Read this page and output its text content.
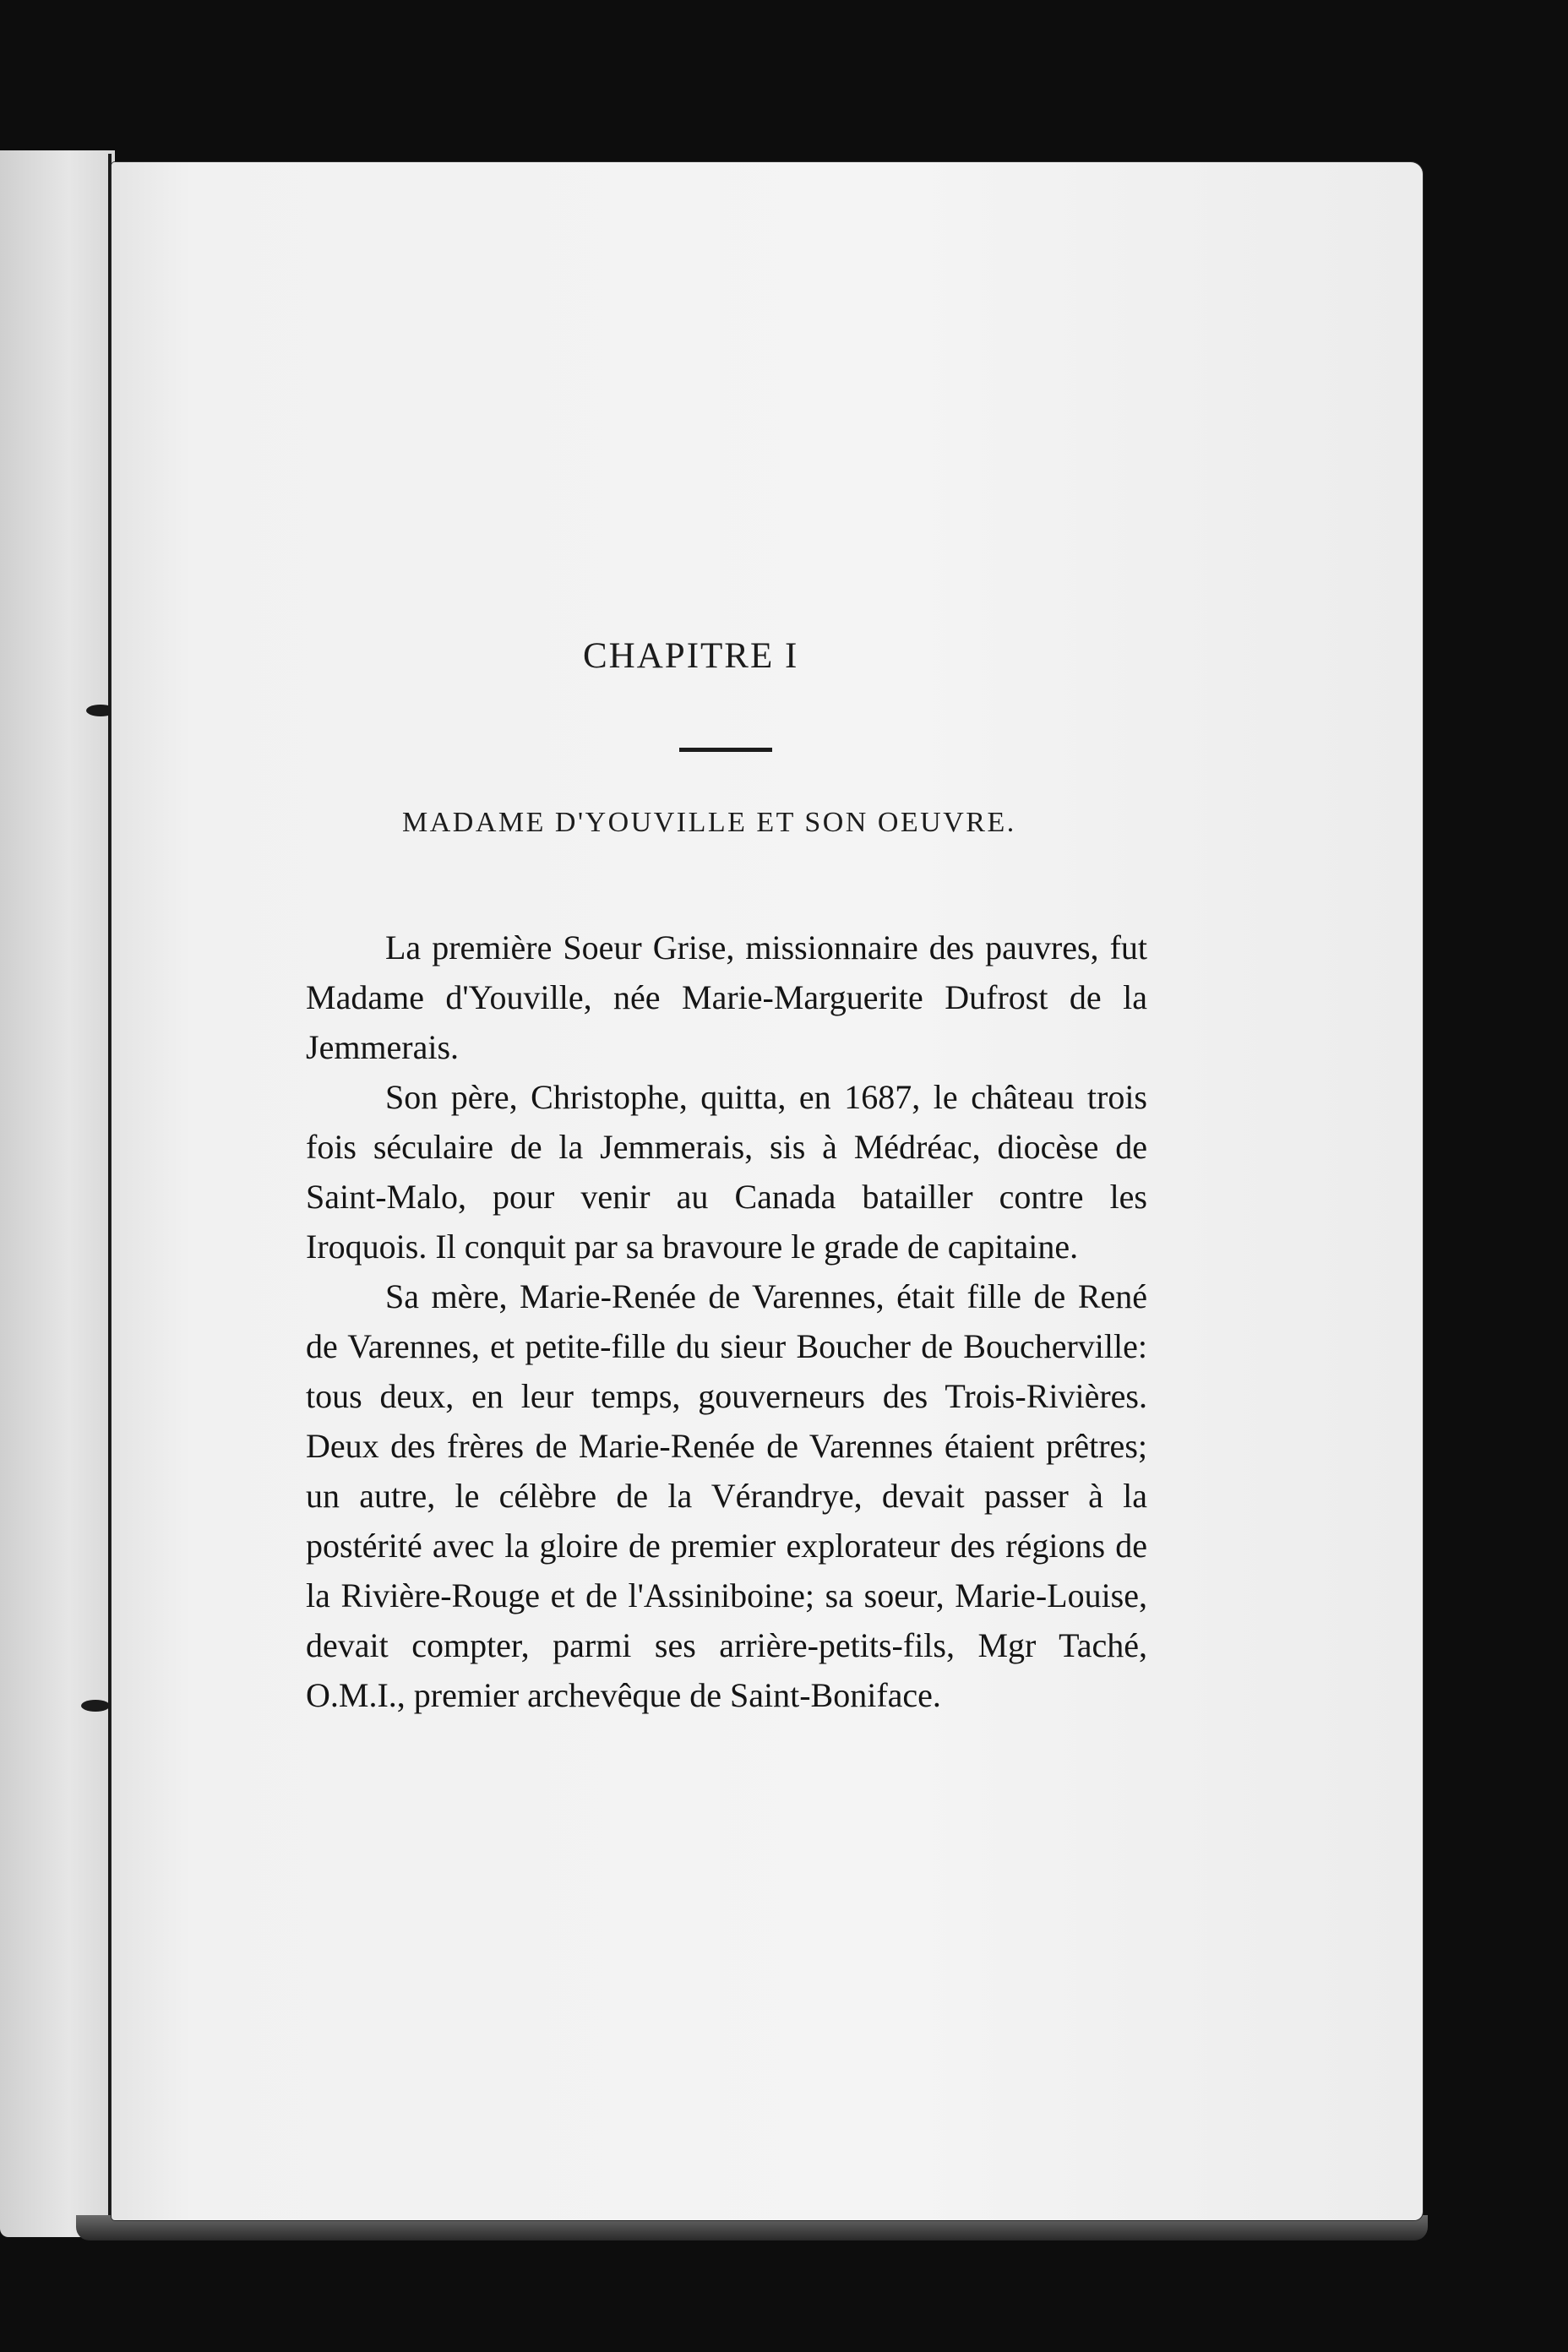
CHAPITRE I
MADAME D'YOUVILLE ET SON OEUVRE.

La première Soeur Grise, missionnaire des pauvres, fut Madame d'Youville, née Marie-Marguerite Dufrost de la Jemmerais.

Son père, Christophe, quitta, en 1687, le château trois fois séculaire de la Jemmerais, sis à Médréac, diocèse de Saint-Malo, pour venir au Canada batailler contre les Iroquois. Il conquit par sa bravoure le grade de capitaine.

Sa mère, Marie-Renée de Varennes, était fille de René de Varennes, et petite-fille du sieur Boucher de Boucherville: tous deux, en leur temps, gouverneurs des Trois-Rivières. Deux des frères de Marie-Renée de Varennes étaient prêtres; un autre, le célèbre de la Vérandrye, devait passer à la postérité avec la gloire de premier explorateur des régions de la Rivière-Rouge et de l'Assiniboine; sa soeur, Marie-Louise, devait compter, parmi ses arrière-petits-fils, Mgr Taché, O.M.I., premier archevêque de Saint-Boniface.
